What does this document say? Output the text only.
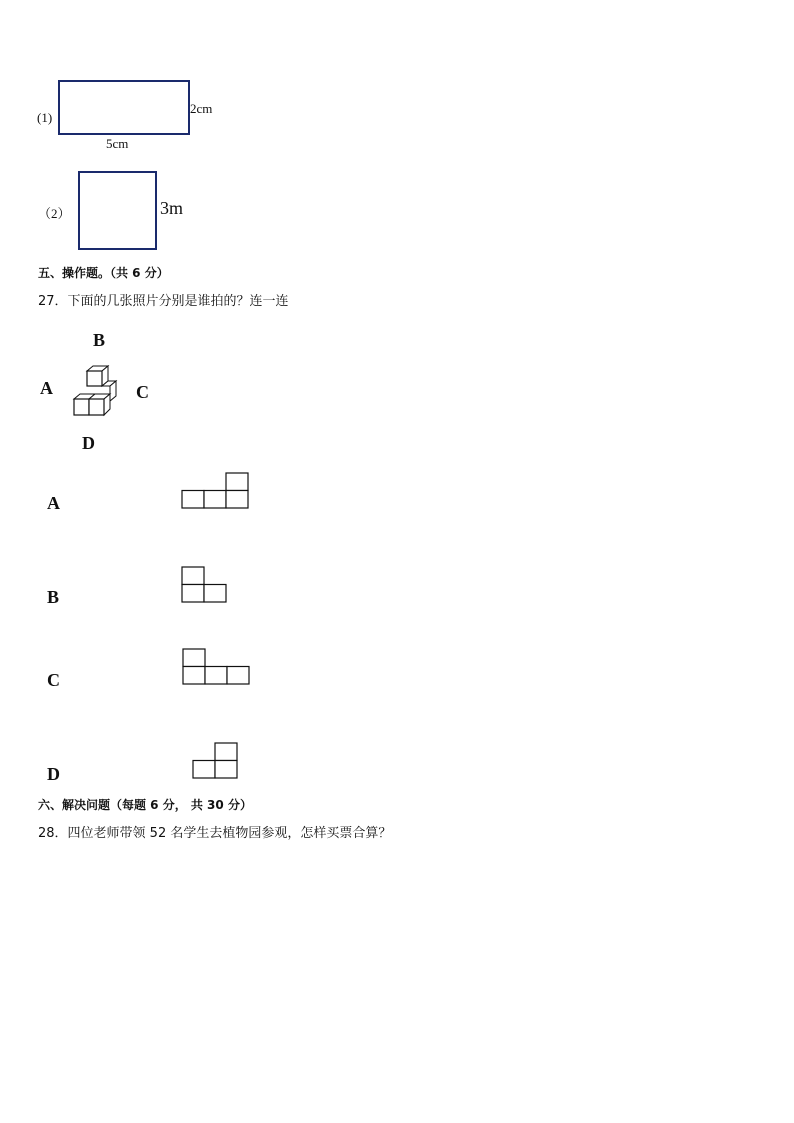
(1)
2cm
5cm
（2）	3m
五、操作题。（共 6 分）
27．下面的几张照片分别是谁拍的？连一连
B
A	C
D
A
B
C
D
六、解决问题（每题 6 分， 共 30 分）
28．四位老师带领 52 名学生去植物园参观，怎样买票合算？
